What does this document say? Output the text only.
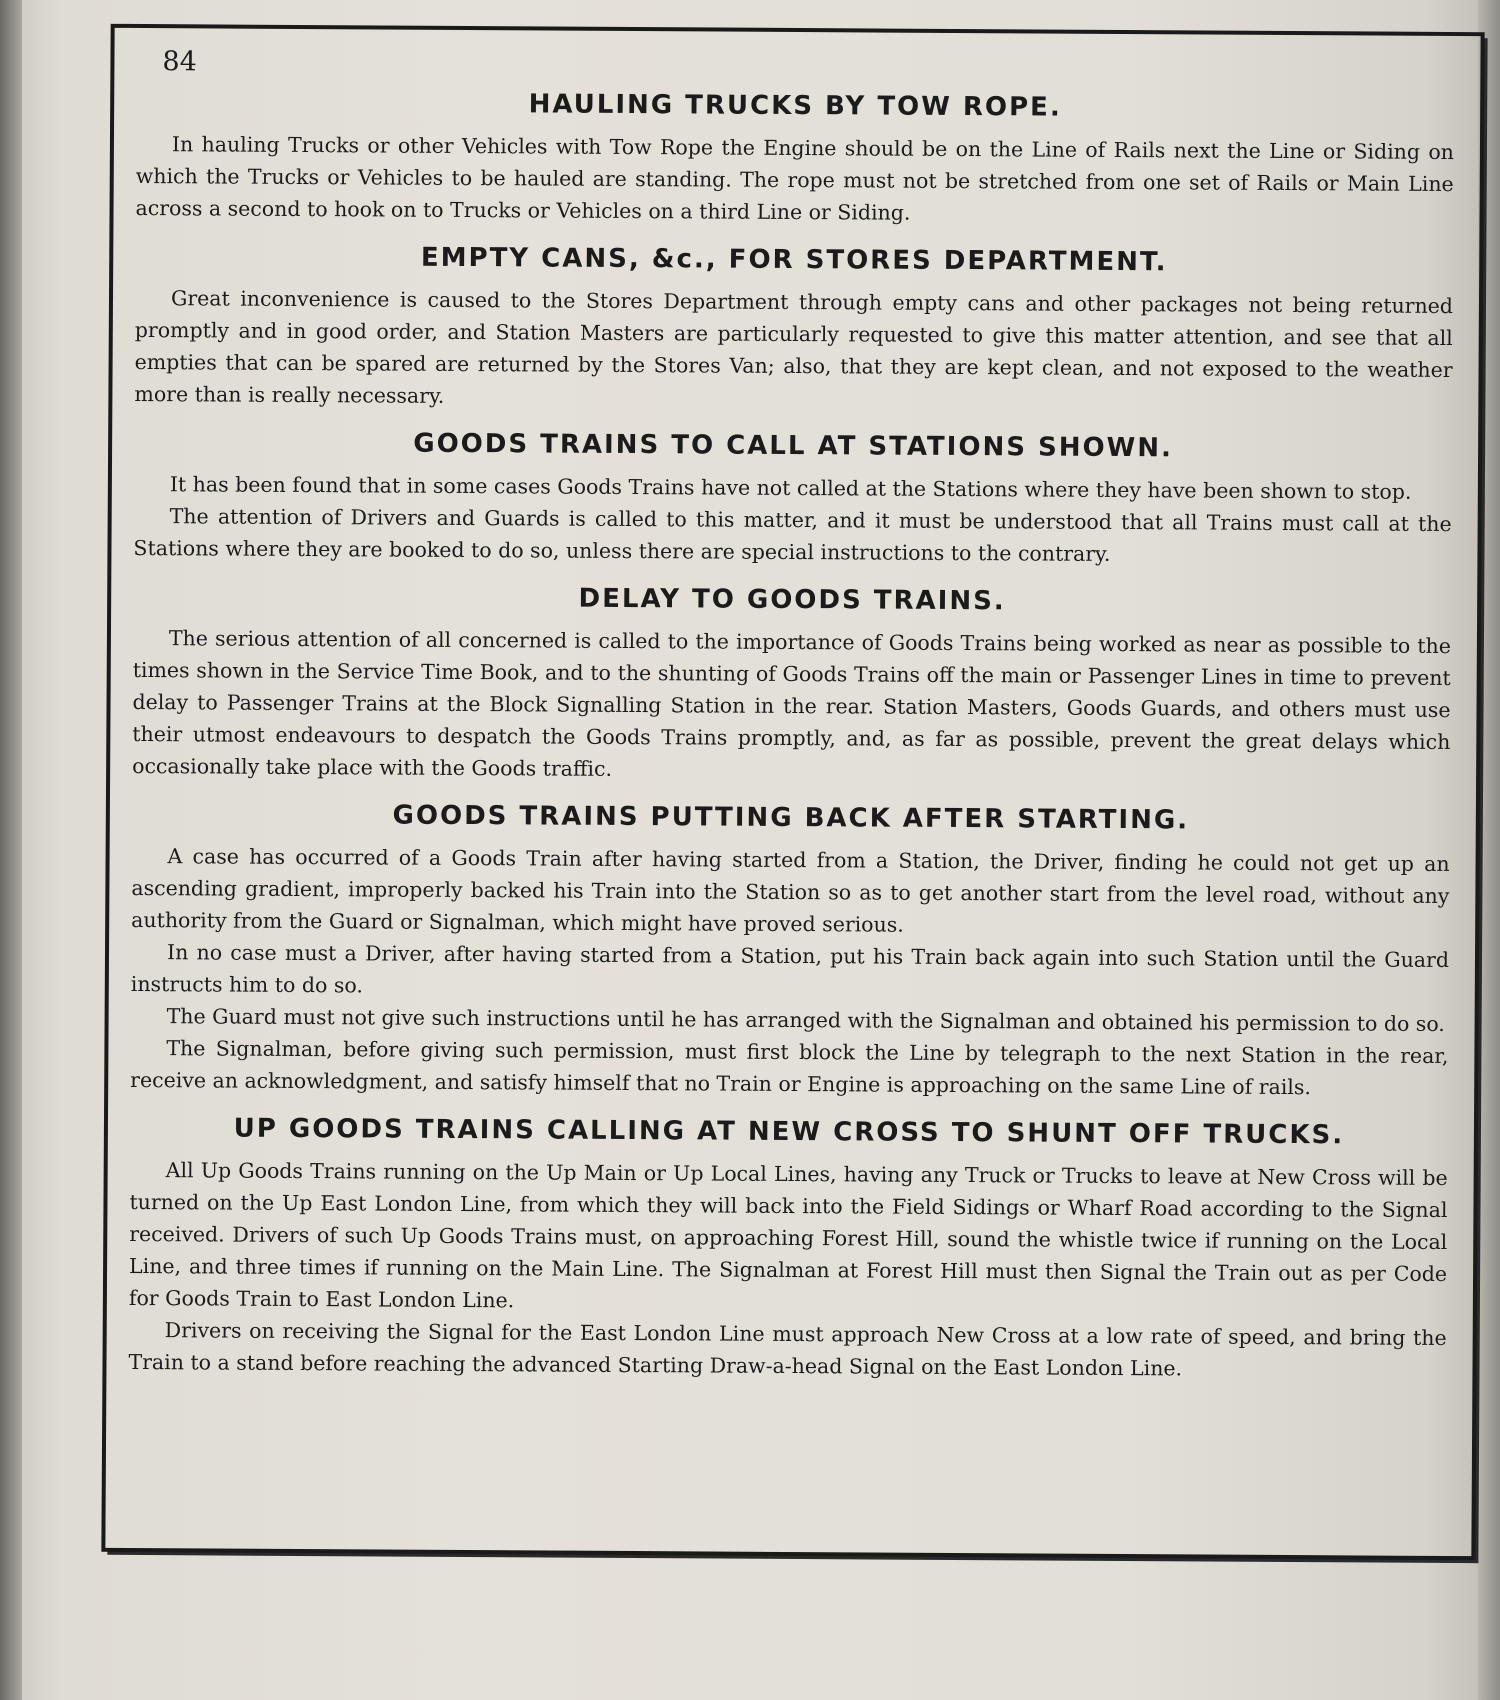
84
HAULING TRUCKS BY TOW ROPE.

In hauling Trucks or other Vehicles with Tow Rope the Engine should be on the Line of Rails next the Line or Siding on which the Trucks or Vehicles to be hauled are standing. The rope must not be stretched from one set of Rails or Main Line across a second to hook on to Trucks or Vehicles on a third Line or Siding.

EMPTY CANS, &c., FOR STORES DEPARTMENT.

Great inconvenience is caused to the Stores Department through empty cans and other packages not being returned promptly and in good order, and Station Masters are particularly requested to give this matter attention, and see that all empties that can be spared are returned by the Stores Van; also, that they are kept clean, and not exposed to the weather more than is really necessary.

GOODS TRAINS TO CALL AT STATIONS SHOWN.

It has been found that in some cases Goods Trains have not called at the Stations where they have been shown to stop.

The attention of Drivers and Guards is called to this matter, and it must be understood that all Trains must call at the Stations where they are booked to do so, unless there are special instructions to the contrary.

DELAY TO GOODS TRAINS.

The serious attention of all concerned is called to the importance of Goods Trains being worked as near as possible to the times shown in the Service Time Book, and to the shunting of Goods Trains off the main or Passenger Lines in time to prevent delay to Passenger Trains at the Block Signalling Station in the rear. Station Masters, Goods Guards, and others must use their utmost endeavours to despatch the Goods Trains promptly, and, as far as possible, prevent the great delays which occasionally take place with the Goods traffic.

GOODS TRAINS PUTTING BACK AFTER STARTING.

A case has occurred of a Goods Train after having started from a Station, the Driver, finding he could not get up an ascending gradient, improperly backed his Train into the Station so as to get another start from the level road, without any authority from the Guard or Signalman, which might have proved serious.

In no case must a Driver, after having started from a Station, put his Train back again into such Station until the Guard instructs him to do so.

The Guard must not give such instructions until he has arranged with the Signalman and obtained his permission to do so.

The Signalman, before giving such permission, must first block the Line by telegraph to the next Station in the rear, receive an acknowledgment, and satisfy himself that no Train or Engine is approaching on the same Line of rails.

UP GOODS TRAINS CALLING AT NEW CROSS TO SHUNT OFF TRUCKS.

All Up Goods Trains running on the Up Main or Up Local Lines, having any Truck or Trucks to leave at New Cross will be turned on the Up East London Line, from which they will back into the Field Sidings or Wharf Road according to the Signal received. Drivers of such Up Goods Trains must, on approaching Forest Hill, sound the whistle twice if running on the Local Line, and three times if running on the Main Line. The Signalman at Forest Hill must then Signal the Train out as per Code for Goods Train to East London Line.

Drivers on receiving the Signal for the East London Line must approach New Cross at a low rate of speed, and bring the Train to a stand before reaching the advanced Starting Draw-a-head Signal on the East London Line.
